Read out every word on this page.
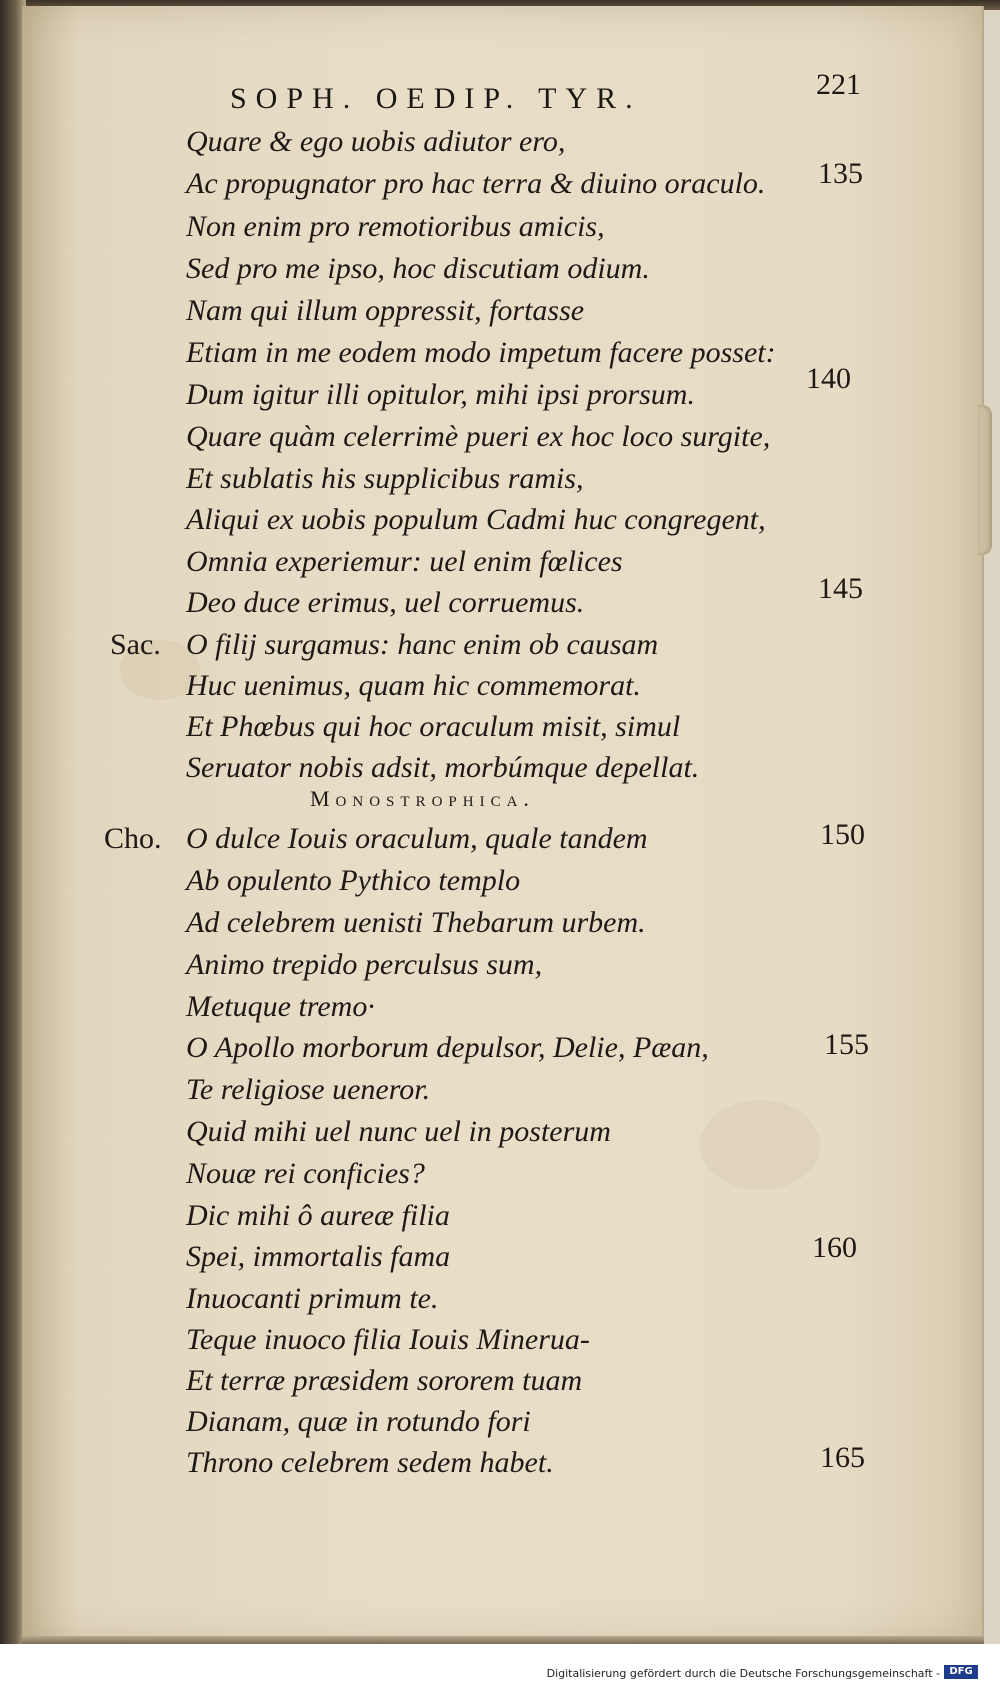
SOPH. OEDIP. TYR.	221
Quare & ego uobis adiutor ero,
Ac propugnator pro hac terra & diuino oraculo.
Non enim pro remotioribus amicis,
Sed pro me ipso, hoc discutiam odium.
Nam qui illum oppressit, fortasse
Etiam in me eodem modo impetum facere posset:
Dum igitur illi opitulor, mihi ipsi prorsum.
Quare quàm celerrimè pueri ex hoc loco surgite,
Et sublatis his supplicibus ramis,
Aliqui ex uobis populum Cadmi huc congregent,
Omnia experiemur: uel enim fœlices
Deo duce erimus, uel corruemus.
O filij surgamus: hanc enim ob causam
Huc uenimus, quam hic commemorat.
Et Phœbus qui hoc oraculum misit, simul
Seruator nobis adsit, morbúmque depellat.
O dulce Iouis oraculum, quale tandem
Ab opulento Pythico templo
Ad celebrem uenisti Thebarum urbem.
Animo trepido perculsus sum,
Metuque tremo·
O Apollo morborum depulsor, Delie, Pæan,
Te religiose ueneror.
Quid mihi uel nunc uel in posterum
Nouæ rei conficies?
Dic mihi ô aureæ filia
Spei, immortalis fama
Inuocanti primum te.
Teque inuoco filia Iouis Minerua-
Et terræ præsidem sororem tuam
Dianam, quæ in rotundo fori
Throno celebrem sedem habet.
Sac.
Cho.
Monostrophica.
135
140
145
150
155
160
165
Digitalisierung gefördert durch die Deutsche Forschungsgemeinschaft - DFG
